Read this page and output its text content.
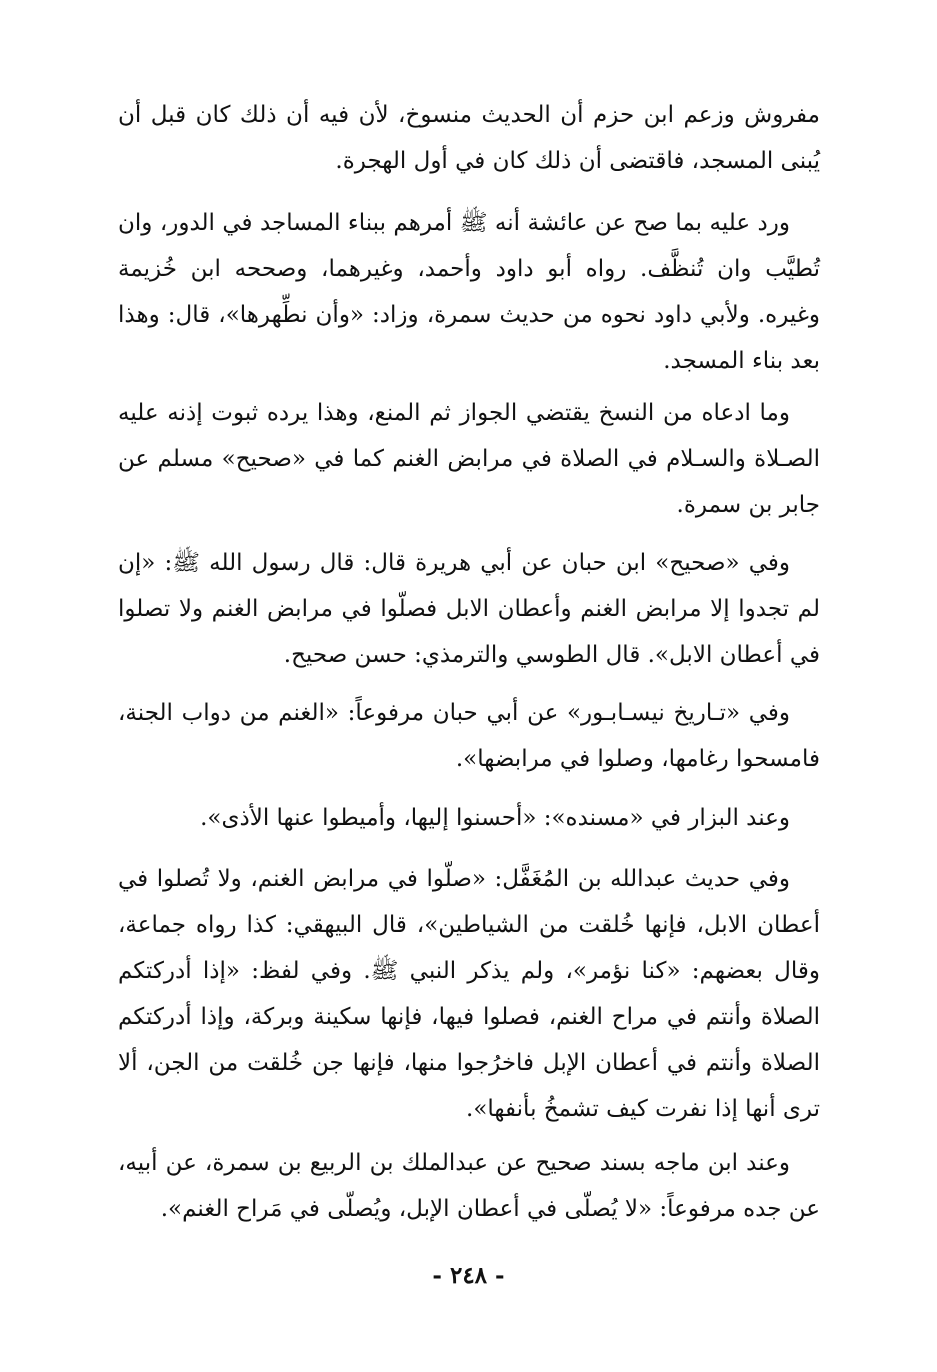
مفروش وزعم ابن حزم أن الحديث منسوخ، لأن فيه أن ذلك كان قبل أن يُبنى المسجد، فاقتضى أن ذلك كان في أول الهجرة.

ورد عليه بما صح عن عائشة أنه ﷺ أمرهم ببناء المساجد في الدور، وان تُطيَّب وان تُنظَّف. رواه أبو داود وأحمد، وغيرهما، وصححه ابن خُزيمة وغيره. ولأبي داود نحوه من حديث سمرة، وزاد: «وأن نطِّهرها»، قال: وهذا بعد بناء المسجد.

وما ادعاه من النسخ يقتضي الجواز ثم المنع، وهذا يرده ثبوت إذنه عليه الصـلاة والسـلام في الصلاة في مرابض الغنم كما في «صحيح» مسلم عن جابر بن سمرة.

وفي «صحيح» ابن حبان عن أبي هريرة قال: قال رسول الله ﷺ: «إن لم تجدوا إلا مرابض الغنم وأعطان الابل فصلّوا في مرابض الغنم ولا تصلوا في أعطان الابل». قال الطوسي والترمذي: حسن صحيح.

وفي «تـاريخ نيسـابـور» عن أبي حبان مرفوعاً: «الغنم من دواب الجنة، فامسحوا رغامها، وصلوا في مرابضها».

وعند البزار في «مسنده»: «أحسنوا إليها، وأميطوا عنها الأذى».

وفي حديث عبدالله بن المُغَفَّل: «صلّوا في مرابض الغنم، ولا تُصلوا في أعطان الابل، فإنها خُلقت من الشياطين»، قال البيهقي: كذا رواه جماعة، وقال بعضهم: «كنا نؤمر»، ولم يذكر النبي ﷺ. وفي لفظ: «إذا أدركتكم الصلاة وأنتم في مراح الغنم، فصلوا فيها، فإنها سكينة وبركة، وإذا أدركتكم الصلاة وأنتم في أعطان الإبل فاخرُجوا منها، فإنها جن خُلقت من الجن، ألا ترى أنها إذا نفرت كيف تشمخُ بأنفها».

وعند ابن ماجه بسند صحيح عن عبدالملك بن الربيع بن سمرة، عن أبيه، عن جده مرفوعاً: «لا يُصلّى في أعطان الإبل، ويُصلّى في مَراح الغنم».

- ٢٤٨ -
